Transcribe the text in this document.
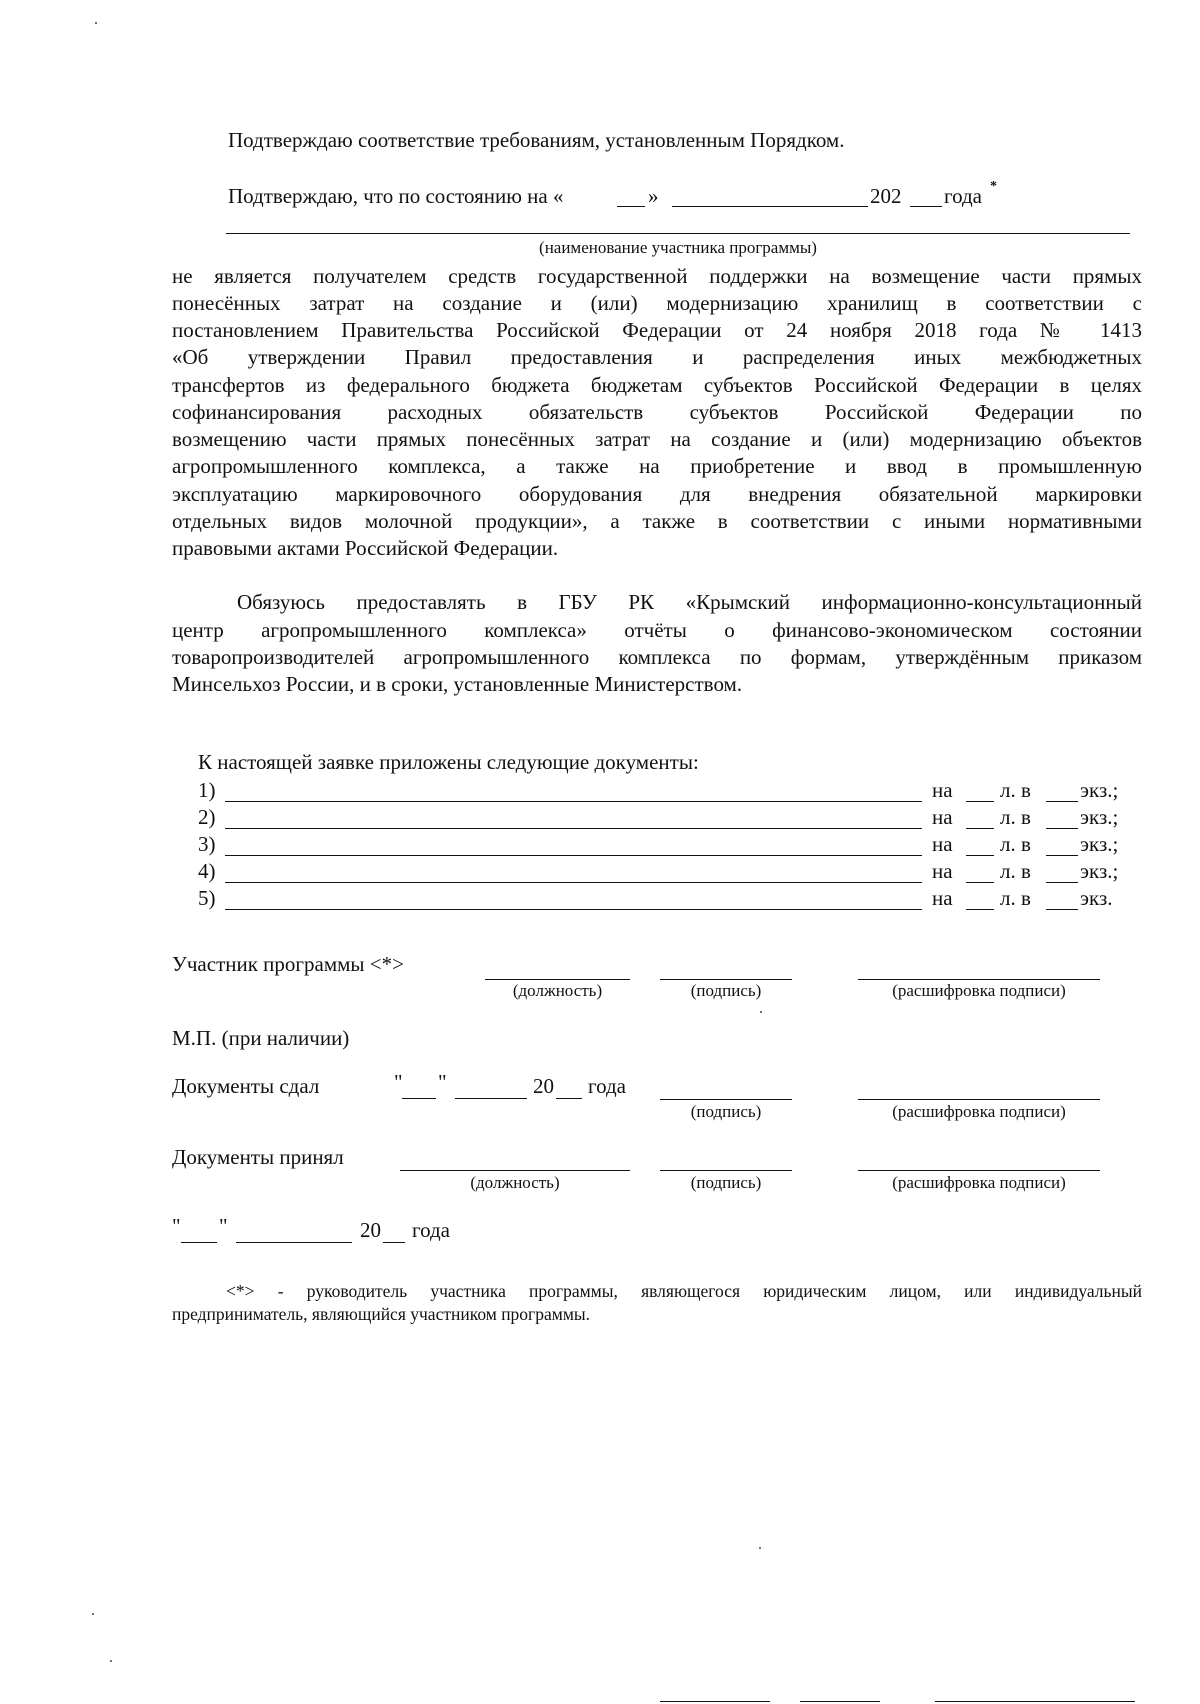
Подтверждаю соответствие требованиям, установленным Порядком.
Подтверждаю, что по состоянию на «	»	202 года *
(наименование участника программы)
не является получателем средств государственной поддержки на возмещение части прямых
понесённых затрат на создание и (или) модернизацию хранилищ в соответствии с
постановлением Правительства Российской Федерации от 24 ноября 2018 года № 1413
«Об утверждении Правил предоставления и распределения иных межбюджетных
трансфертов из федерального бюджета бюджетам субъектов Российской Федерации в целях
софинансирования расходных обязательств субъектов Российской Федерации по
возмещению части прямых понесённых затрат на создание и (или) модернизацию объектов
агропромышленного комплекса, а также на приобретение и ввод в промышленную
эксплуатацию маркировочного оборудования для внедрения обязательной маркировки
отдельных видов молочной продукции», а также в соответствии с иными нормативными
правовыми актами Российской Федерации.
Обязуюсь предоставлять в ГБУ РК «Крымский информационно-консультационный
центр агропромышленного комплекса» отчёты о финансово-экономическом состоянии
товаропроизводителей агропромышленного комплекса по формам, утверждённым приказом
Минсельхоз России, и в сроки, установленные Министерством.
К настоящей заявке приложены следующие документы:
1)	на л. в экз.;
2)	на л. в экз.;
3)	на л. в экз.;
4)	на л. в экз.;
5)	на л. в экз.
Участник программы <*>
(должность)	(подпись)	(расшифровка подписи)
М.П. (при наличии)
Документы сдал	" "	20 года
(подпись)	(расшифровка подписи)
Документы принял
(должность)	(подпись)	(расшифровка подписи)
" "	20 года
<*> - руководитель участника программы, являющегося юридическим лицом, или индивидуальный
предприниматель, являющийся участником программы.
